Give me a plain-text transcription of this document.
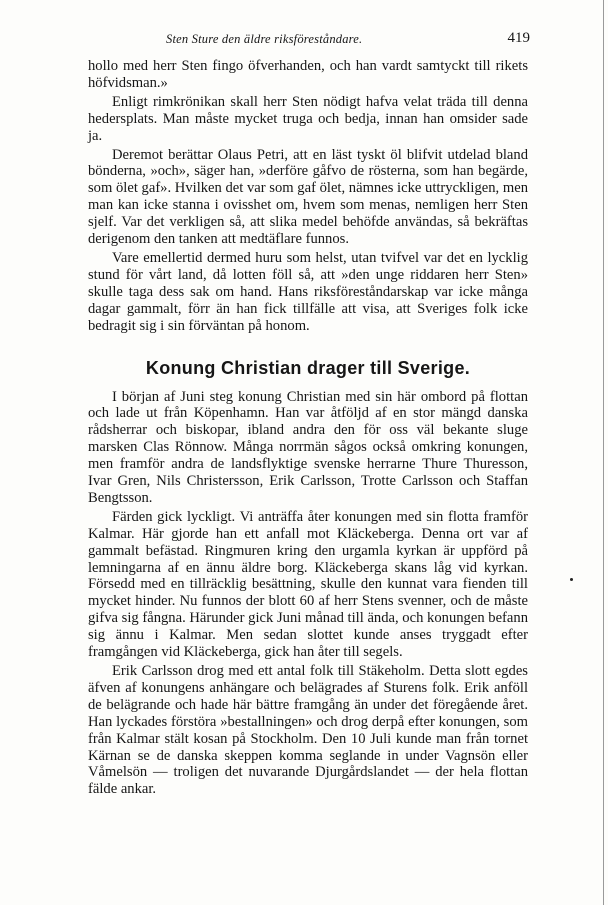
Sten Sture den äldre riksföreståndare.	419

hollo med herr Sten fingo öfverhanden, och han vardt samtyckt till rikets höfvidsman.»

Enligt rimkrönikan skall herr Sten nödigt hafva velat träda till denna hedersplats. Man måste mycket truga och bedja, innan han omsider sade ja.

Deremot berättar Olaus Petri, att en läst tyskt öl blifvit utdelad bland bönderna, »och», säger han, »derföre gåfvo de rösterna, som han begärde, som ölet gaf». Hvilken det var som gaf ölet, nämnes icke uttryckligen, men man kan icke stanna i ovisshet om, hvem som menas, nemligen herr Sten sjelf. Var det verkligen så, att slika medel behöfde användas, så bekräftas derigenom den tanken att medtäflare funnos.

Vare emellertid dermed huru som helst, utan tvifvel var det en lycklig stund för vårt land, då lotten föll så, att »den unge riddaren herr Sten» skulle taga dess sak om hand. Hans riksföreståndarskap var icke många dagar gammalt, förr än han fick tillfälle att visa, att Sveriges folk icke bedragit sig i sin förväntan på honom.

Konung Christian drager till Sverige.

I början af Juni steg konung Christian med sin här ombord på flottan och lade ut från Köpenhamn. Han var åtföljd af en stor mängd danska rådsherrar och biskopar, ibland andra den för oss väl bekante sluge marsken Clas Rönnow. Många norrmän sågos också omkring konungen, men framför andra de landsflyktige svenske herrarne Thure Thuresson, Ivar Gren, Nils Christersson, Erik Carlsson, Trotte Carlsson och Staffan Bengtsson.

Färden gick lyckligt. Vi anträffa åter konungen med sin flotta framför Kalmar. Här gjorde han ett anfall mot Kläckeberga. Denna ort var af gammalt befästad. Ringmuren kring den urgamla kyrkan är uppförd på lemningarna af en ännu äldre borg. Kläckeberga skans låg vid kyrkan. Försedd med en tillräcklig besättning, skulle den kunnat vara fienden till mycket hinder. Nu funnos der blott 60 af herr Stens svenner, och de måste gifva sig fångna. Härunder gick Juni månad till ända, och konungen befann sig ännu i Kalmar. Men sedan slottet kunde anses tryggadt efter framgången vid Kläckeberga, gick han åter till segels.

Erik Carlsson drog med ett antal folk till Stäkeholm. Detta slott egdes äfven af konungens anhängare och belägrades af Sturens folk. Erik anföll de belägrande och hade här bättre framgång än under det föregående året. Han lyckades förstöra »bestallningen» och drog derpå efter konungen, som från Kalmar stält kosan på Stockholm. Den 10 Juli kunde man från tornet Kärnan se de danska skeppen komma seglande in under Vagnsön eller Våmelsön — troligen det nuvarande Djurgårdslandet — der hela flottan fälde ankar.
